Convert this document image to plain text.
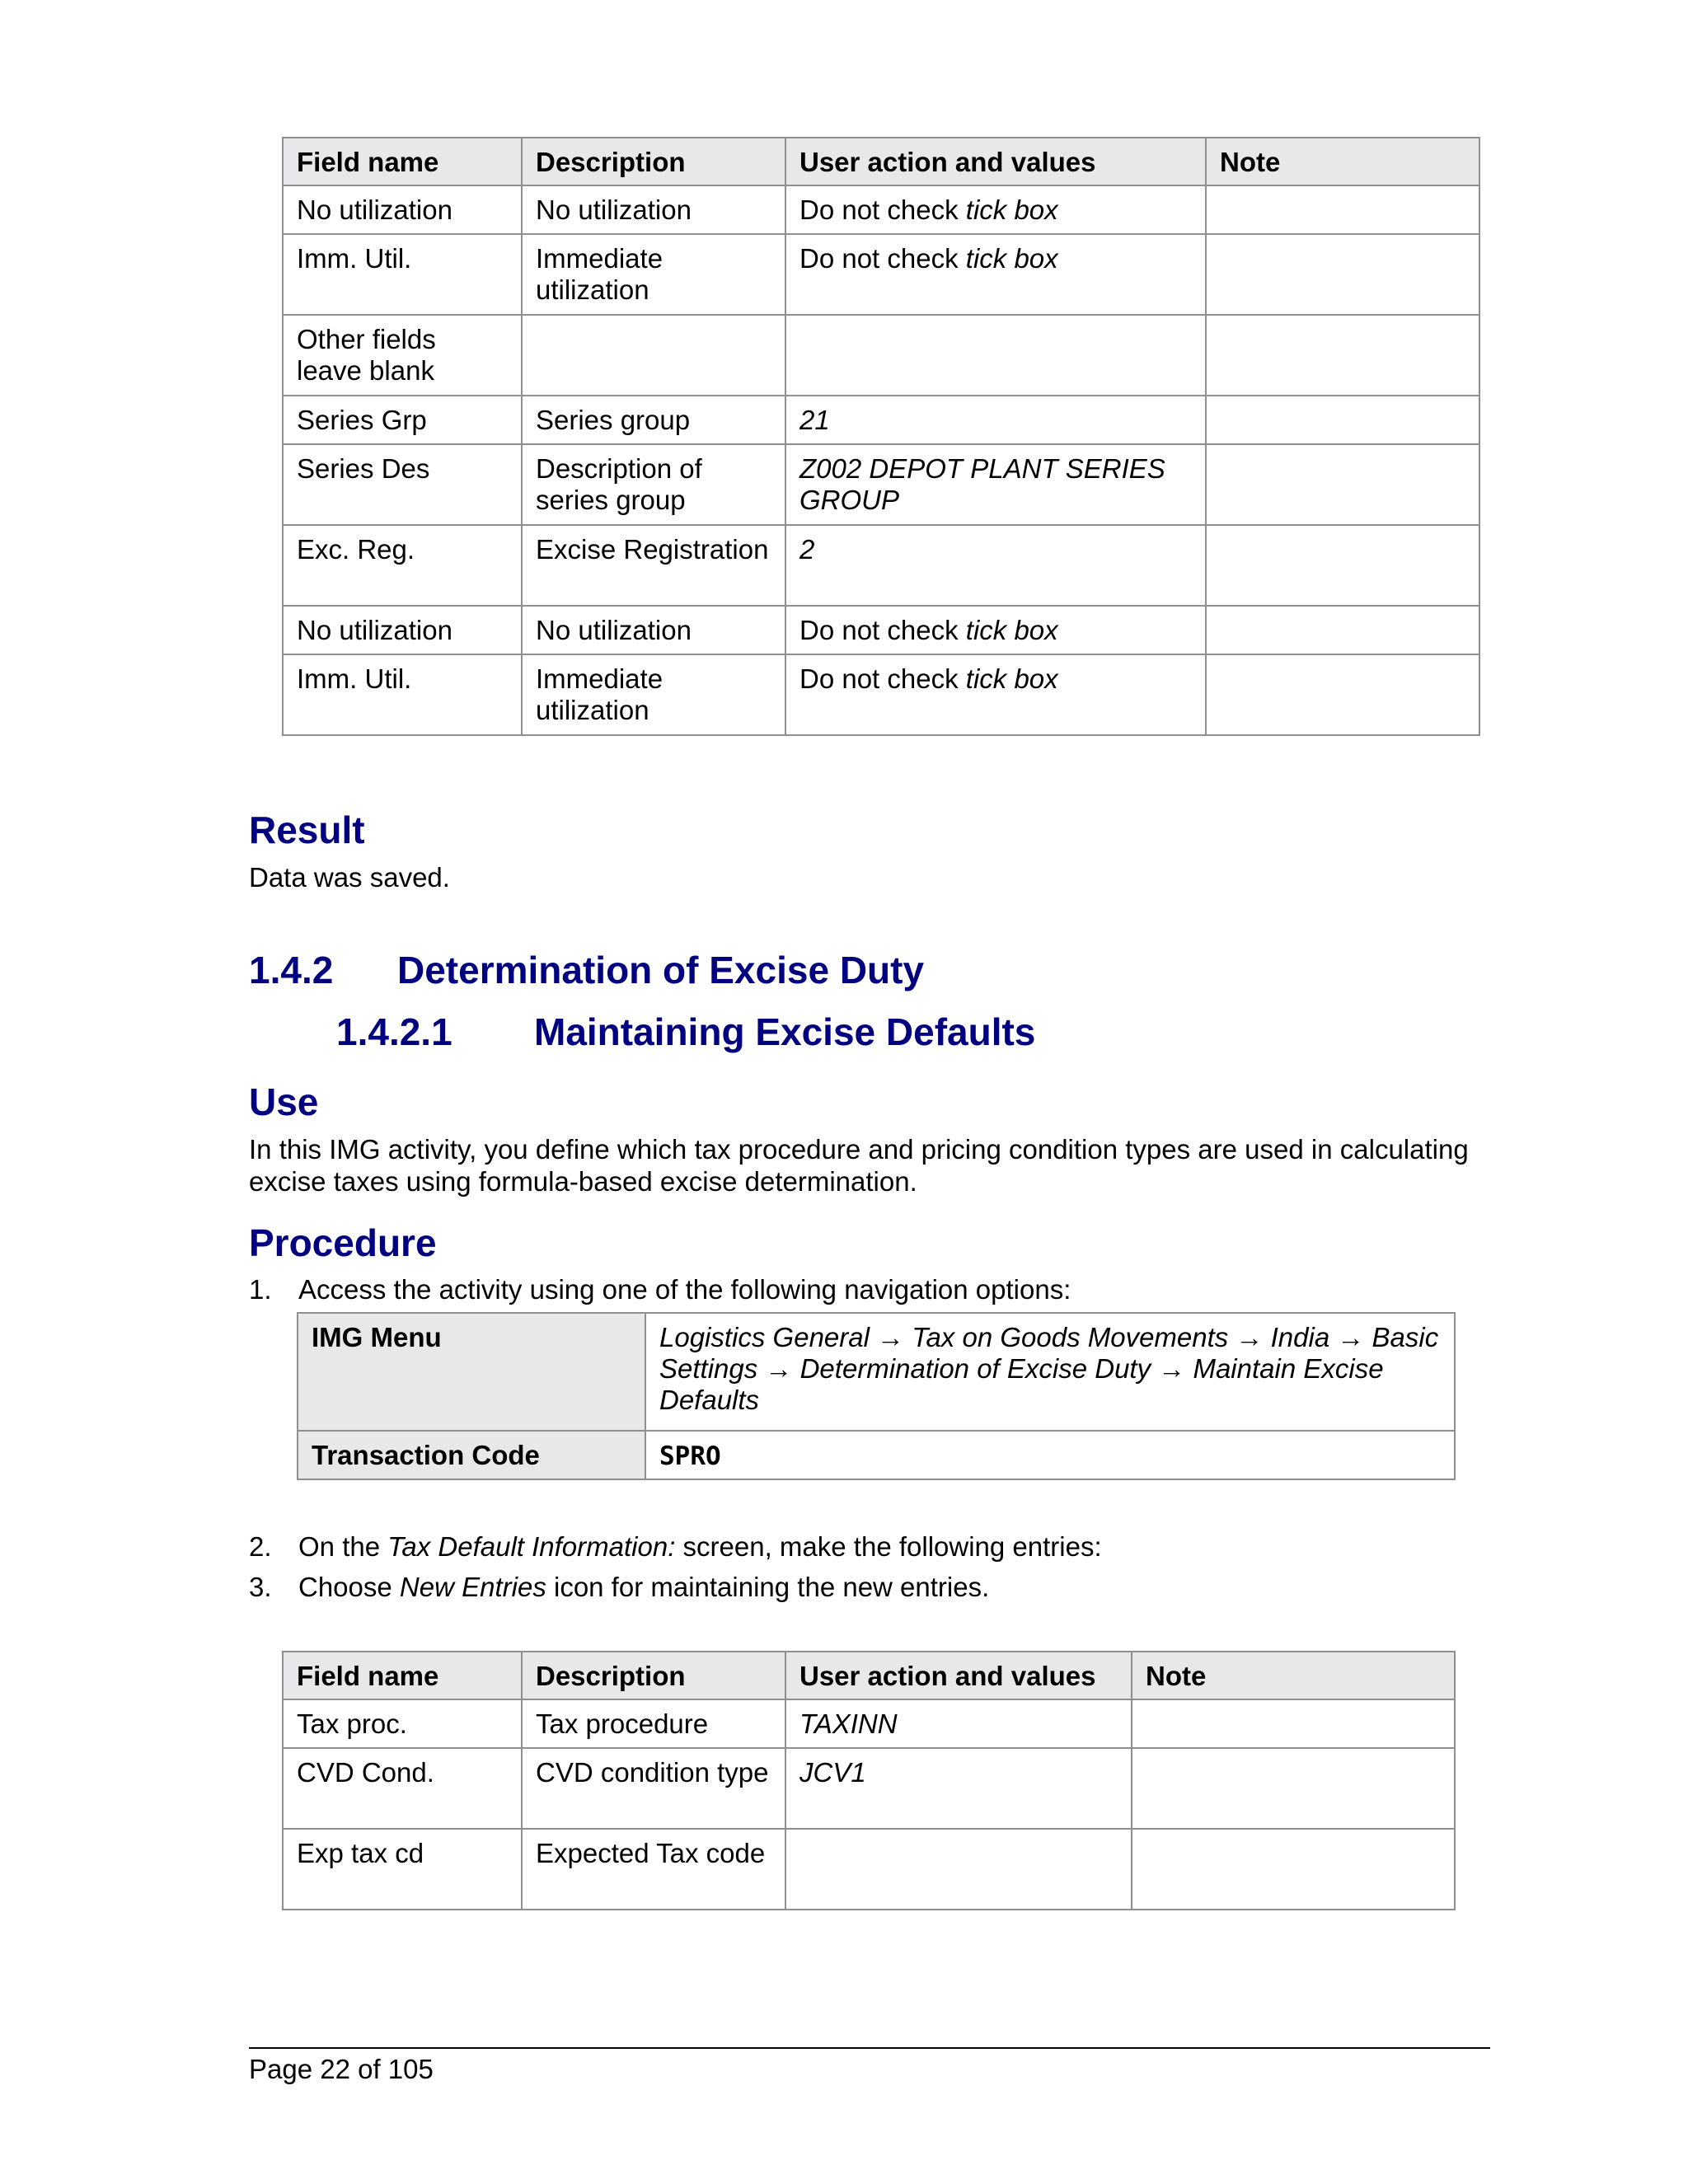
Field name	Description	User action and values	Note
No utilization	No utilization	Do not check tick box	
Imm. Util.	Immediate utilization	Do not check tick box	
Other fields leave blank			
Series Grp	Series group	21	
Series Des	Description of series group	Z002 DEPOT PLANT SERIES GROUP	
Exc. Reg.	Excise Registration	2	
No utilization	No utilization	Do not check tick box	
Imm. Util.	Immediate utilization	Do not check tick box	
Result
Data was saved.
1.4.2 Determination of Excise Duty
1.4.2.1 Maintaining Excise Defaults
Use
In this IMG activity, you define which tax procedure and pricing condition types are used in calculating excise taxes using formula-based excise determination.
Procedure
1. Access the activity using one of the following navigation options:
IMG Menu	Logistics General → Tax on Goods Movements → India → Basic Settings → Determination of Excise Duty → Maintain Excise Defaults
Transaction Code	SPRO
2. On the Tax Default Information: screen, make the following entries:
3. Choose New Entries icon for maintaining the new entries.
Field name	Description	User action and values	Note
Tax proc.	Tax procedure	TAXINN	
CVD Cond.	CVD condition type	JCV1	
Exp tax cd	Expected Tax code		
Page 22 of 105
